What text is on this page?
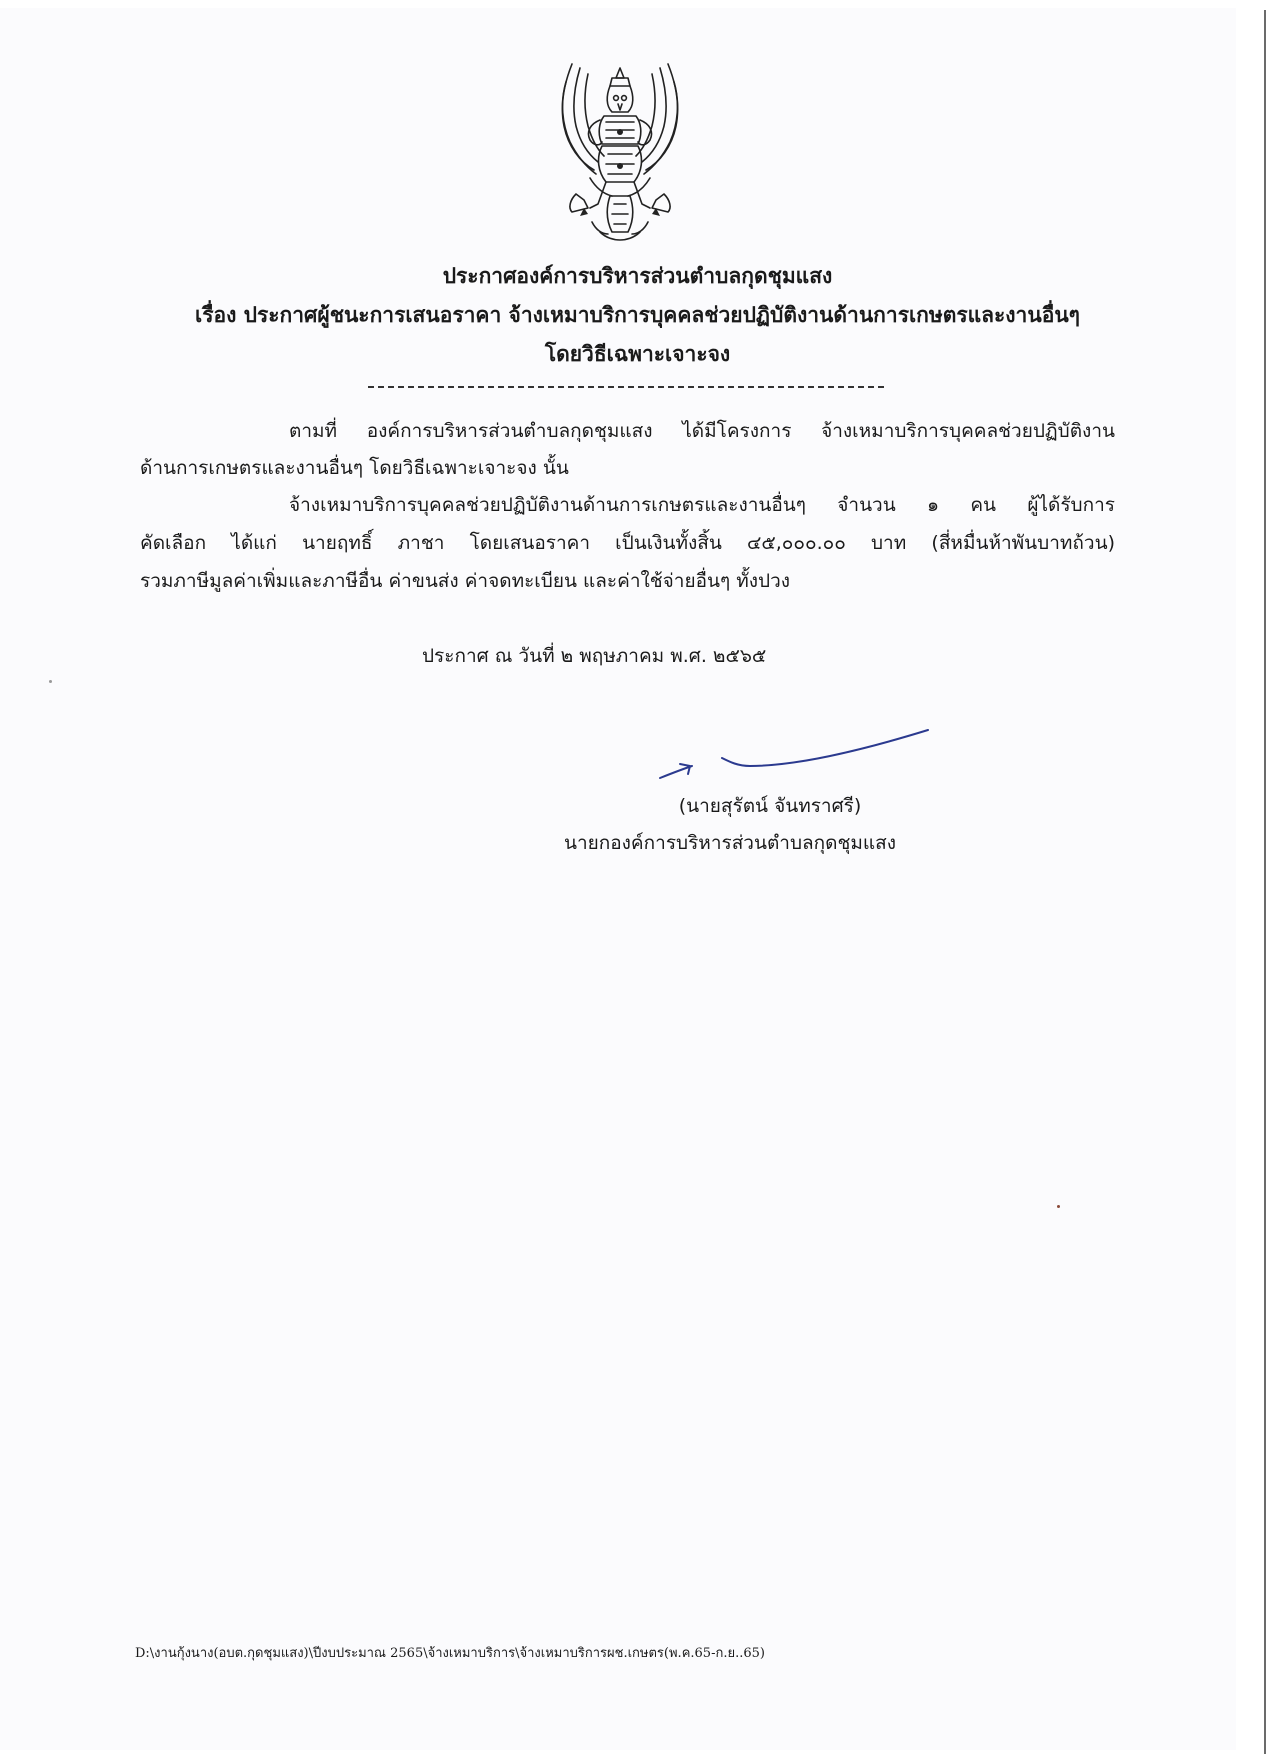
ประกาศองค์การบริหารส่วนตำบลกุดชุมแสง
เรื่อง ประกาศผู้ชนะการเสนอราคา จ้างเหมาบริการบุคคลช่วยปฏิบัติงานด้านการเกษตรและงานอื่นๆ
โดยวิธีเฉพาะเจาะจง
ตามที่ องค์การบริหารส่วนตำบลกุดชุมแสง ได้มีโครงการ จ้างเหมาบริการบุคคลช่วยปฏิบัติงาน
ด้านการเกษตรและงานอื่นๆ โดยวิธีเฉพาะเจาะจง นั้น
จ้างเหมาบริการบุคคลช่วยปฏิบัติงานด้านการเกษตรและงานอื่นๆ จำนวน ๑ คน ผู้ได้รับการ
คัดเลือก ได้แก่ นายฤทธิ์ ภาชา โดยเสนอราคา เป็นเงินทั้งสิ้น ๔๕,๐๐๐.๐๐ บาท (สี่หมื่นห้าพันบาทถ้วน)
รวมภาษีมูลค่าเพิ่มและภาษีอื่น ค่าขนส่ง ค่าจดทะเบียน และค่าใช้จ่ายอื่นๆ ทั้งปวง
ประกาศ ณ วันที่ ๒ พฤษภาคม พ.ศ. ๒๕๖๕
(นายสุรัตน์ จันทราศรี)
นายกองค์การบริหารส่วนตำบลกุดชุมแสง
D:\งานกุ้งนาง(อบต.กุดชุมแสง)\ปีงบประมาณ 2565\จ้างเหมาบริการ\จ้างเหมาบริการผช.เกษตร(พ.ค.65-ก.ย..65)
